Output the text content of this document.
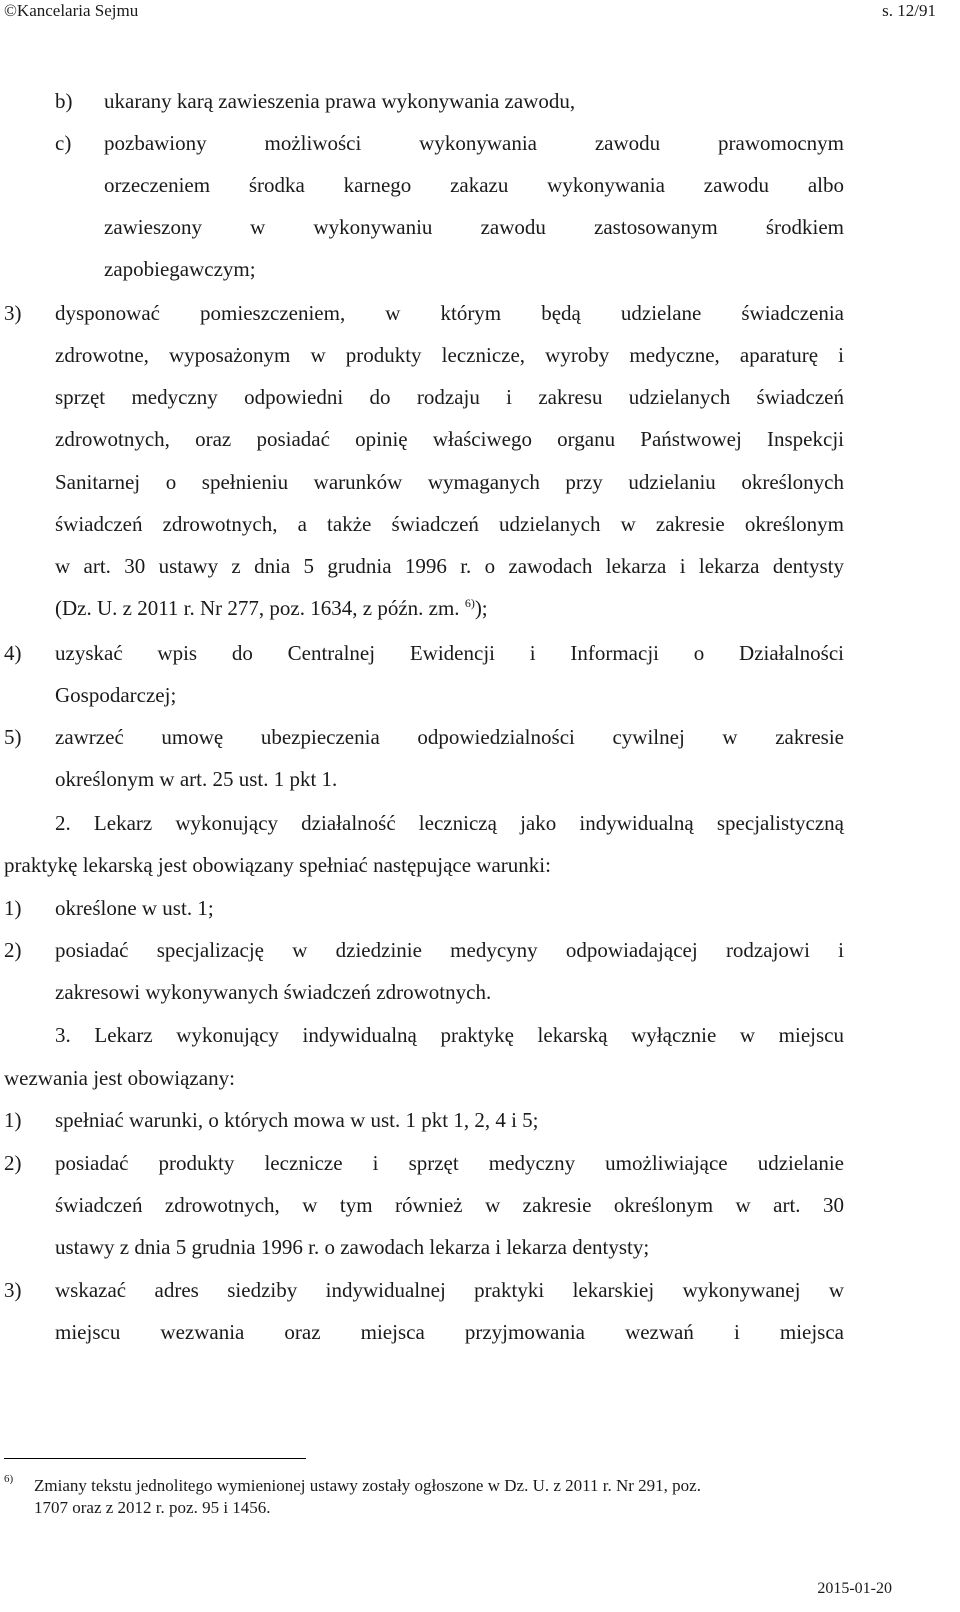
©Kancelaria Sejmu	s. 12/91
b) ukarany karą zawieszenia prawa wykonywania zawodu,
c) pozbawiony możliwości wykonywania zawodu prawomocnym
orzeczeniem środka karnego zakazu wykonywania zawodu albo
zawieszony w wykonywaniu zawodu zastosowanym środkiem
zapobiegawczym;
3) dysponować pomieszczeniem, w którym będą udzielane świadczenia
zdrowotne, wyposażonym w produkty lecznicze, wyroby medyczne, aparaturę i
sprzęt medyczny odpowiedni do rodzaju i zakresu udzielanych świadczeń
zdrowotnych, oraz posiadać opinię właściwego organu Państwowej Inspekcji
Sanitarnej o spełnieniu warunków wymaganych przy udzielaniu określonych
świadczeń zdrowotnych, a także świadczeń udzielanych w zakresie określonym
w art. 30 ustawy z dnia 5 grudnia 1996 r. o zawodach lekarza i lekarza dentysty
(Dz. U. z 2011 r. Nr 277, poz. 1634, z późn. zm. $^{6)}$);
4) uzyskać wpis do Centralnej Ewidencji i Informacji o Działalności
Gospodarczej;
5) zawrzeć umowę ubezpieczenia odpowiedzialności cywilnej w zakresie
określonym w art. 25 ust. 1 pkt 1.
2. Lekarz wykonujący działalność leczniczą jako indywidualną specjalistyczną
praktykę lekarską jest obowiązany spełniać następujące warunki:
1) określone w ust. 1;
2) posiadać specjalizację w dziedzinie medycyny odpowiadającej rodzajowi i
zakresowi wykonywanych świadczeń zdrowotnych.
3. Lekarz wykonujący indywidualną praktykę lekarską wyłącznie w miejscu
wezwania jest obowiązany:
1) spełniać warunki, o których mowa w ust. 1 pkt 1, 2, 4 i 5;
2) posiadać produkty lecznicze i sprzęt medyczny umożliwiające udzielanie
świadczeń zdrowotnych, w tym również w zakresie określonym w art. 30
ustawy z dnia 5 grudnia 1996 r. o zawodach lekarza i lekarza dentysty;
3) wskazać adres siedziby indywidualnej praktyki lekarskiej wykonywanej w
miejscu wezwania oraz miejsca przyjmowania wezwań i miejsca
6) Zmiany tekstu jednolitego wymienionej ustawy zostały ogłoszone w Dz. U. z 2011 r. Nr 291, poz.
1707 oraz z 2012 r. poz. 95 i 1456.
2015-01-20
